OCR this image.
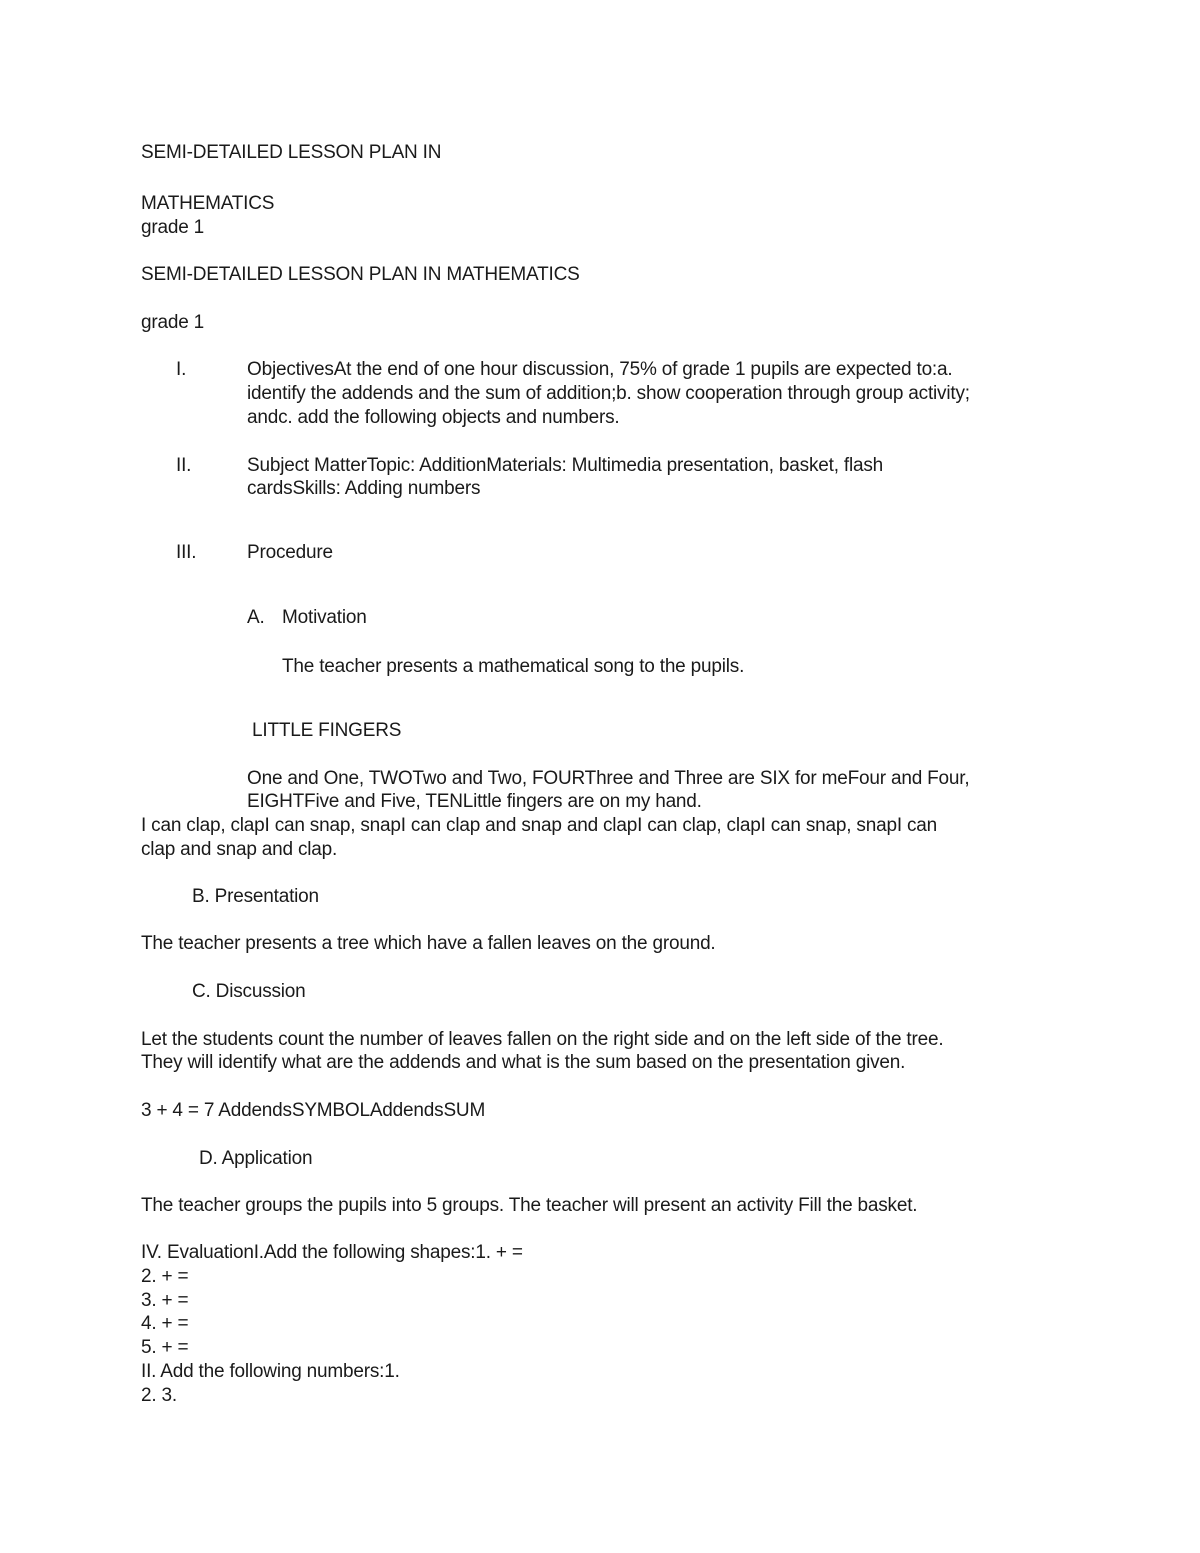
SEMI-DETAILED LESSON PLAN IN
MATHEMATICS
grade 1
SEMI-DETAILED LESSON PLAN IN MATHEMATICS
grade 1
I.	ObjectivesAt the end of one hour discussion, 75% of grade 1 pupils are expected to:a.
identify the addends and the sum of addition;b. show cooperation through group activity;
andc. add the following objects and numbers.
II.	Subject MatterTopic: AdditionMaterials: Multimedia presentation, basket, flash
cardsSkills: Adding numbers
III.	Procedure
A. Motivation
The teacher presents a mathematical song to the pupils.
LITTLE FINGERS
One and One, TWOTwo and Two, FOURThree and Three are SIX for meFour and Four,
EIGHTFive and Five, TENLittle fingers are on my hand.
I can clap, clapI can snap, snapI can clap and snap and clapI can clap, clapI can snap, snapI can
clap and snap and clap.
B. Presentation
The teacher presents a tree which have a fallen leaves on the ground.
C. Discussion
Let the students count the number of leaves fallen on the right side and on the left side of the tree.
They will identify what are the addends and what is the sum based on the presentation given.
3 + 4 = 7 AddendsSYMBOLAddendsSUM
D. Application
The teacher groups the pupils into 5 groups. The teacher will present an activity Fill the basket.
IV. EvaluationI.Add the following shapes:1. + =
2. + =
3. + =
4. + =
5. + =
II. Add the following numbers:1.
2. 3.
